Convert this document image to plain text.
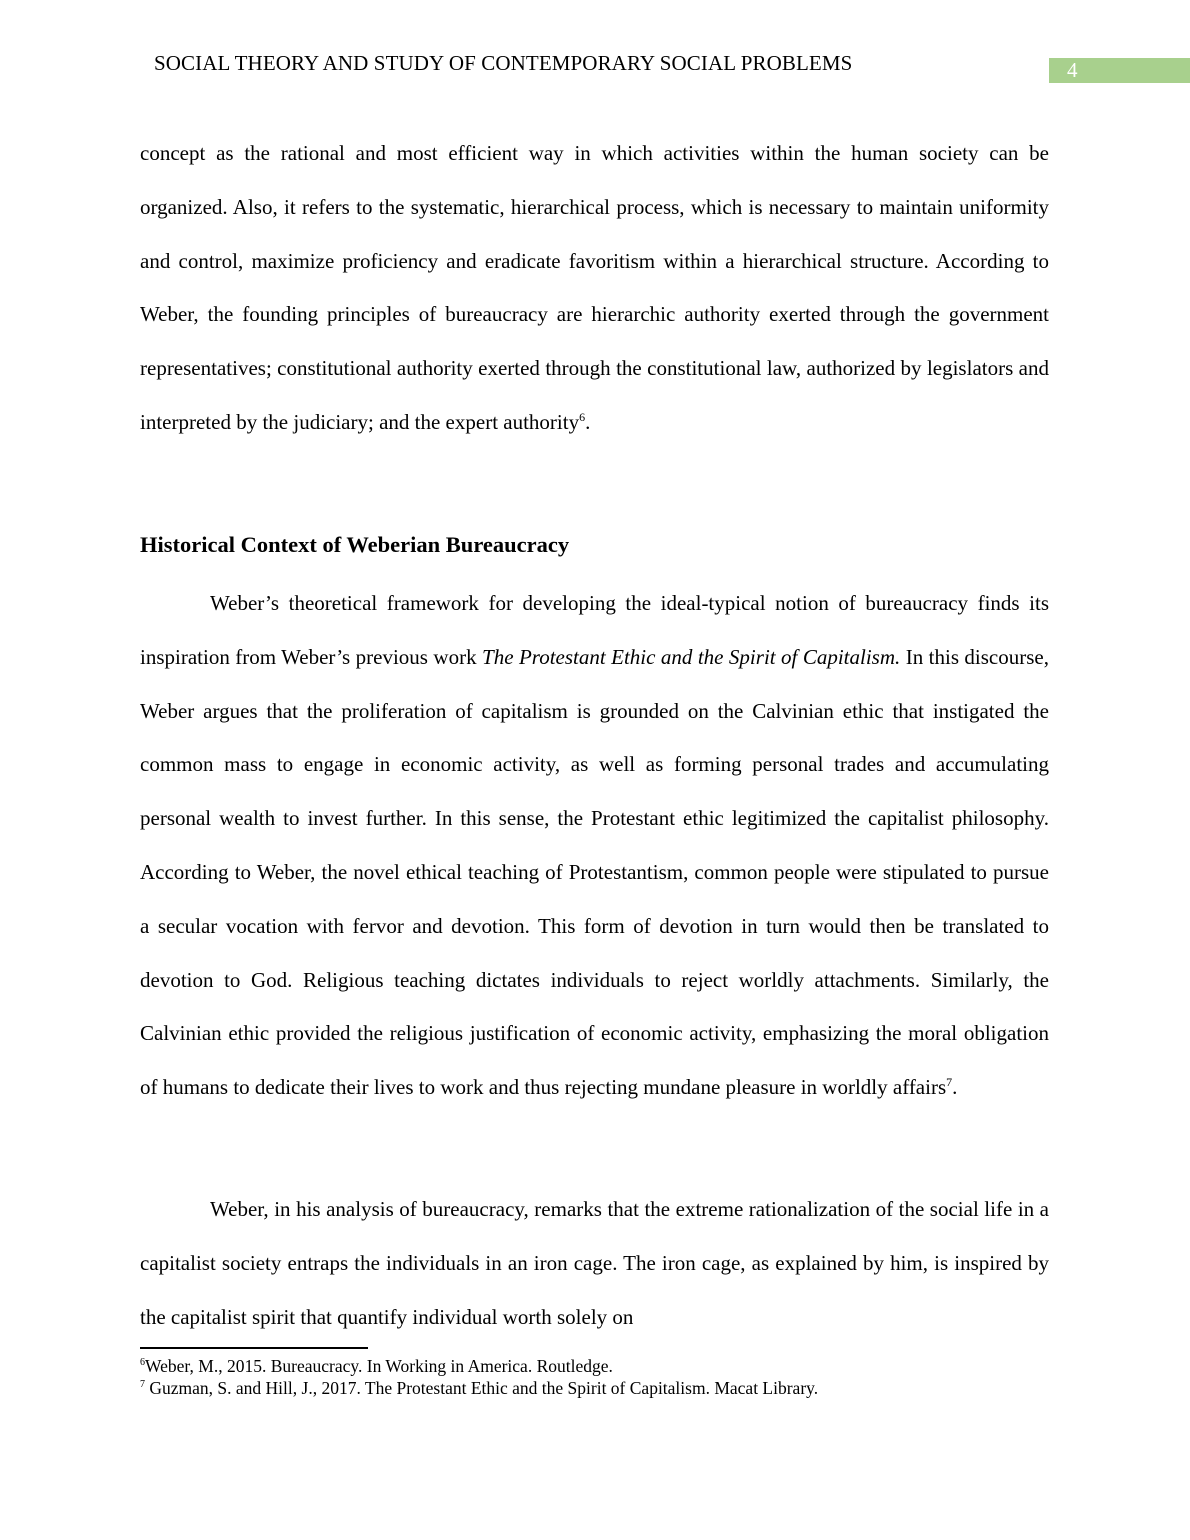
SOCIAL THEORY AND STUDY OF CONTEMPORARY SOCIAL PROBLEMS	4

concept as the rational and most efficient way in which activities within the human society can be organized. Also, it refers to the systematic, hierarchical process, which is necessary to maintain uniformity and control, maximize proficiency and eradicate favoritism within a hierarchical structure. According to Weber, the founding principles of bureaucracy are hierarchic authority exerted through the government representatives; constitutional authority exerted through the constitutional law, authorized by legislators and interpreted by the judiciary; and the expert authority$^6$.

Historical Context of Weberian Bureaucracy

Weber’s theoretical framework for developing the ideal-typical notion of bureaucracy finds its inspiration from Weber’s previous work The Protestant Ethic and the Spirit of Capitalism. In this discourse, Weber argues that the proliferation of capitalism is grounded on the Calvinian ethic that instigated the common mass to engage in economic activity, as well as forming personal trades and accumulating personal wealth to invest further. In this sense, the Protestant ethic legitimized the capitalist philosophy. According to Weber, the novel ethical teaching of Protestantism, common people were stipulated to pursue a secular vocation with fervor and devotion. This form of devotion in turn would then be translated to devotion to God. Religious teaching dictates individuals to reject worldly attachments. Similarly, the Calvinian ethic provided the religious justification of economic activity, emphasizing the moral obligation of humans to dedicate their lives to work and thus rejecting mundane pleasure in worldly affairs$^7$.

Weber, in his analysis of bureaucracy, remarks that the extreme rationalization of the social life in a capitalist society entraps the individuals in an iron cage. The iron cage, as explained by him, is inspired by the capitalist spirit that quantify individual worth solely on

$^6$Weber, M., 2015. Bureaucracy. In Working in America. Routledge.
$^7$ Guzman, S. and Hill, J., 2017. The Protestant Ethic and the Spirit of Capitalism. Macat Library.
